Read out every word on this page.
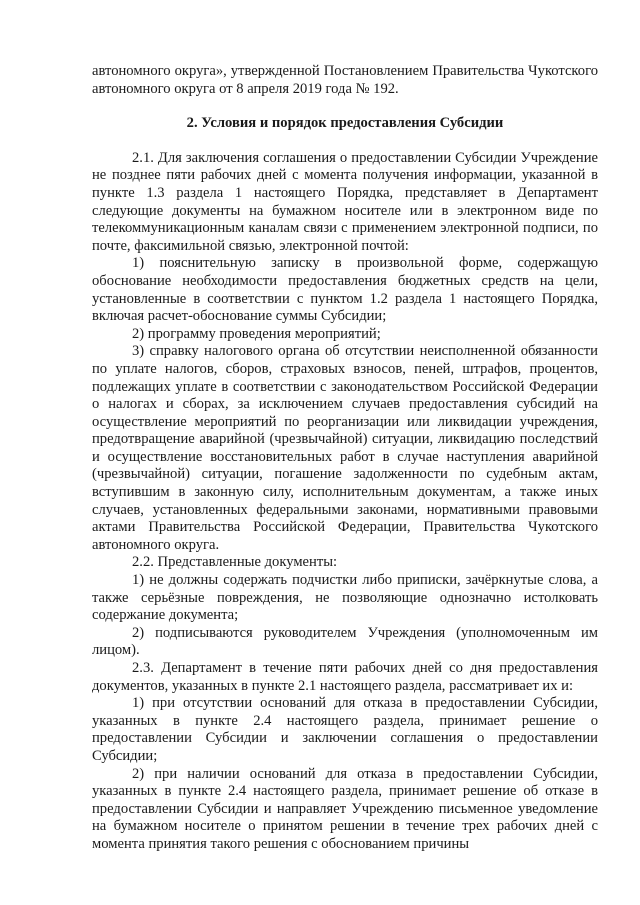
автономного округа», утвержденной Постановлением Правительства Чукотского автономного округа от 8 апреля 2019 года № 192.

2. Условия и порядок предоставления Субсидии

2.1. Для заключения соглашения о предоставлении Субсидии Учреждение не позднее пяти рабочих дней с момента получения информации, указанной в пункте 1.3 раздела 1 настоящего Порядка, представляет в Департамент следующие документы на бумажном носителе или в электронном виде по телекоммуникационным каналам связи с применением электронной подписи, по почте, факсимильной связью, электронной почтой:

1) пояснительную записку в произвольной форме, содержащую обоснование необходимости предоставления бюджетных средств на цели, установленные в соответствии с пунктом 1.2 раздела 1 настоящего Порядка, включая расчет-обоснование суммы Субсидии;

2) программу проведения мероприятий;

3) справку налогового органа об отсутствии неисполненной обязанности по уплате налогов, сборов, страховых взносов, пеней, штрафов, процентов, подлежащих уплате в соответствии с законодательством Российской Федерации о налогах и сборах, за исключением случаев предоставления субсидий на осуществление мероприятий по реорганизации или ликвидации учреждения, предотвращение аварийной (чрезвычайной) ситуации, ликвидацию последствий и осуществление восстановительных работ в случае наступления аварийной (чрезвычайной) ситуации, погашение задолженности по судебным актам, вступившим в законную силу, исполнительным документам, а также иных случаев, установленных федеральными законами, нормативными правовыми актами Правительства Российской Федерации, Правительства Чукотского автономного округа.

2.2. Представленные документы:

1) не должны содержать подчистки либо приписки, зачёркнутые слова, а также серьёзные повреждения, не позволяющие однозначно истолковать содержание документа;

2) подписываются руководителем Учреждения (уполномоченным им лицом).

2.3. Департамент в течение пяти рабочих дней со дня предоставления документов, указанных в пункте 2.1 настоящего раздела, рассматривает их и:

1) при отсутствии оснований для отказа в предоставлении Субсидии, указанных в пункте 2.4 настоящего раздела, принимает решение о предоставлении Субсидии и заключении соглашения о предоставлении Субсидии;

2) при наличии оснований для отказа в предоставлении Субсидии, указанных в пункте 2.4 настоящего раздела, принимает решение об отказе в предоставлении Субсидии и направляет Учреждению письменное уведомление на бумажном носителе о принятом решении в течение трех рабочих дней с момента принятия такого решения с обоснованием причины
